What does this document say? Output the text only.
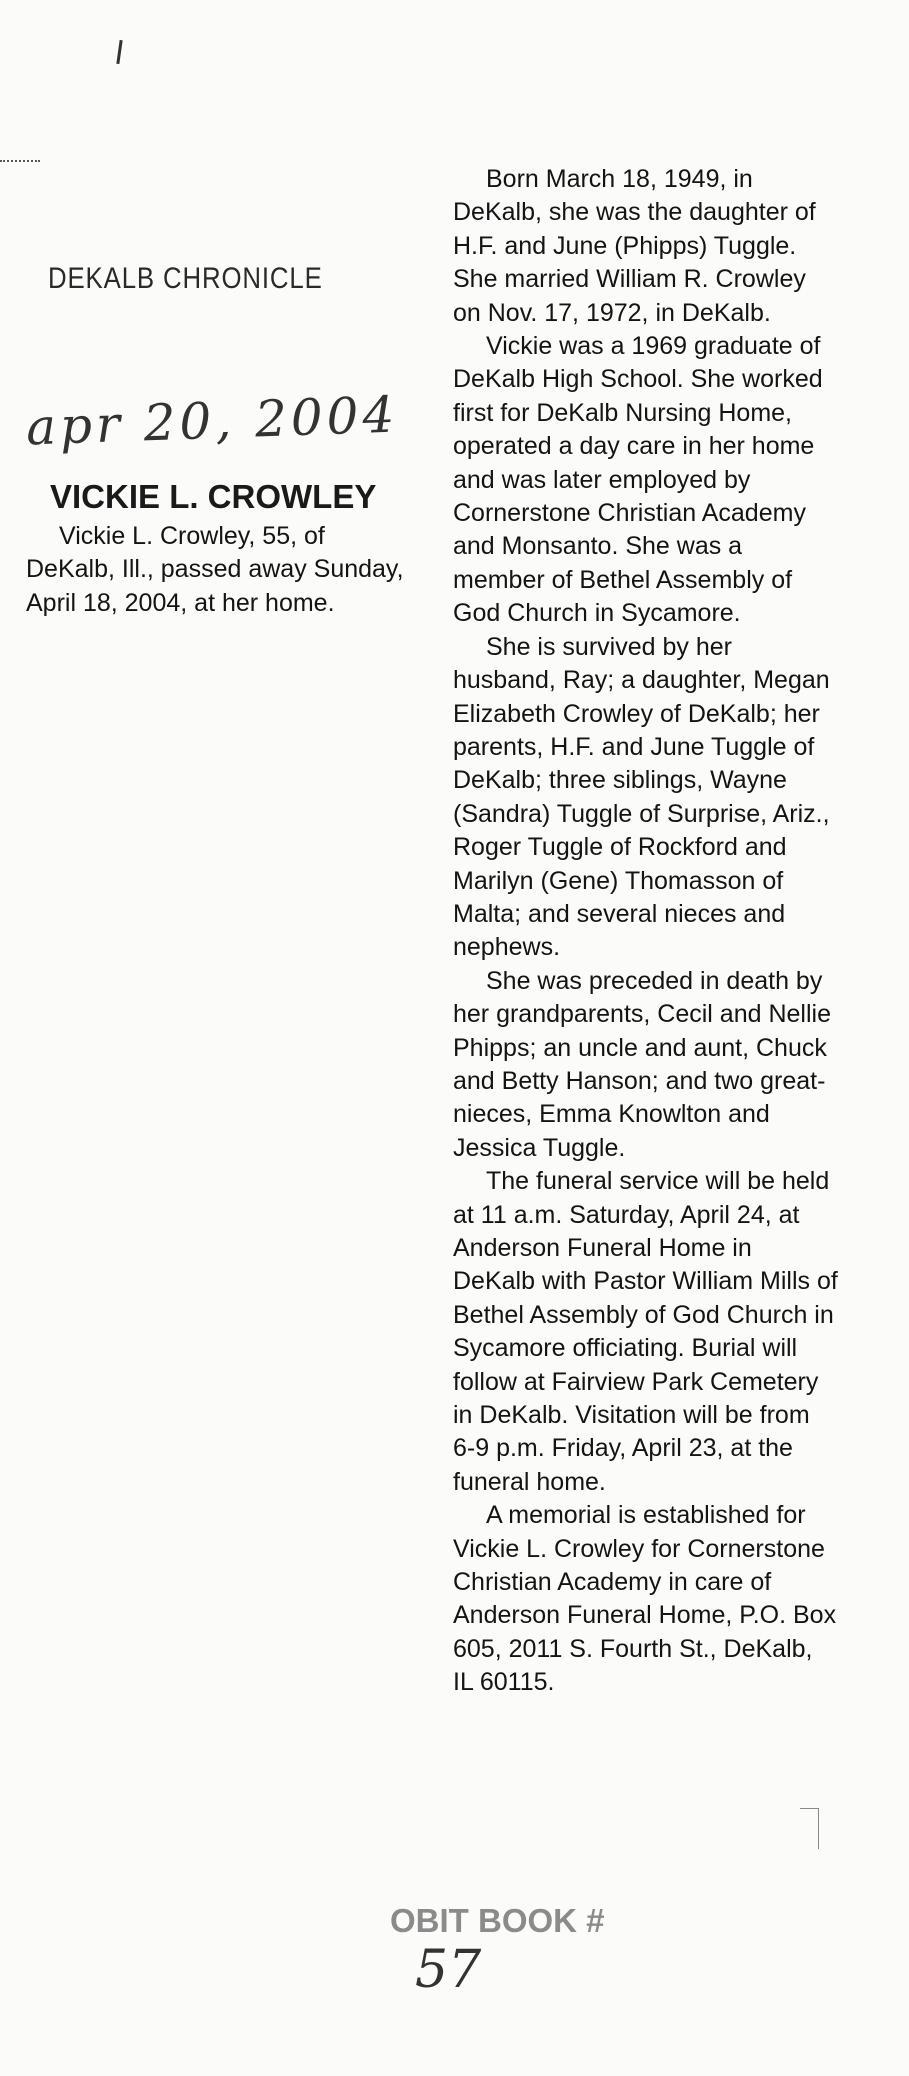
DEKALB CHRONICLE
apr 20, 2004
VICKIE L. CROWLEY

Vickie L. Crowley, 55, of DeKalb, Ill., passed away Sunday, April 18, 2004, at her home.

Born March 18, 1949, in DeKalb, she was the daughter of H.F. and June (Phipps) Tuggle. She married William R. Crowley on Nov. 17, 1972, in DeKalb.

Vickie was a 1969 graduate of DeKalb High School. She worked first for DeKalb Nursing Home, operated a day care in her home and was later employed by Cornerstone Christian Academy and Monsanto. She was a member of Bethel Assembly of God Church in Sycamore.

She is survived by her husband, Ray; a daughter, Megan Elizabeth Crowley of DeKalb; her parents, H.F. and June Tuggle of DeKalb; three siblings, Wayne (Sandra) Tuggle of Surprise, Ariz., Roger Tuggle of Rockford and Marilyn (Gene) Thomasson of Malta; and several nieces and nephews.

She was preceded in death by her grandparents, Cecil and Nellie Phipps; an uncle and aunt, Chuck and Betty Hanson; and two great-nieces, Emma Knowlton and Jessica Tuggle.

The funeral service will be held at 11 a.m. Saturday, April 24, at Anderson Funeral Home in DeKalb with Pastor William Mills of Bethel Assembly of God Church in Sycamore officiating. Burial will follow at Fairview Park Cemetery in DeKalb. Visitation will be from 6-9 p.m. Friday, April 23, at the funeral home.

A memorial is established for Vickie L. Crowley for Cornerstone Christian Academy in care of Anderson Funeral Home, P.O. Box 605, 2011 S. Fourth St., DeKalb, IL 60115.

OBIT BOOK #
57
